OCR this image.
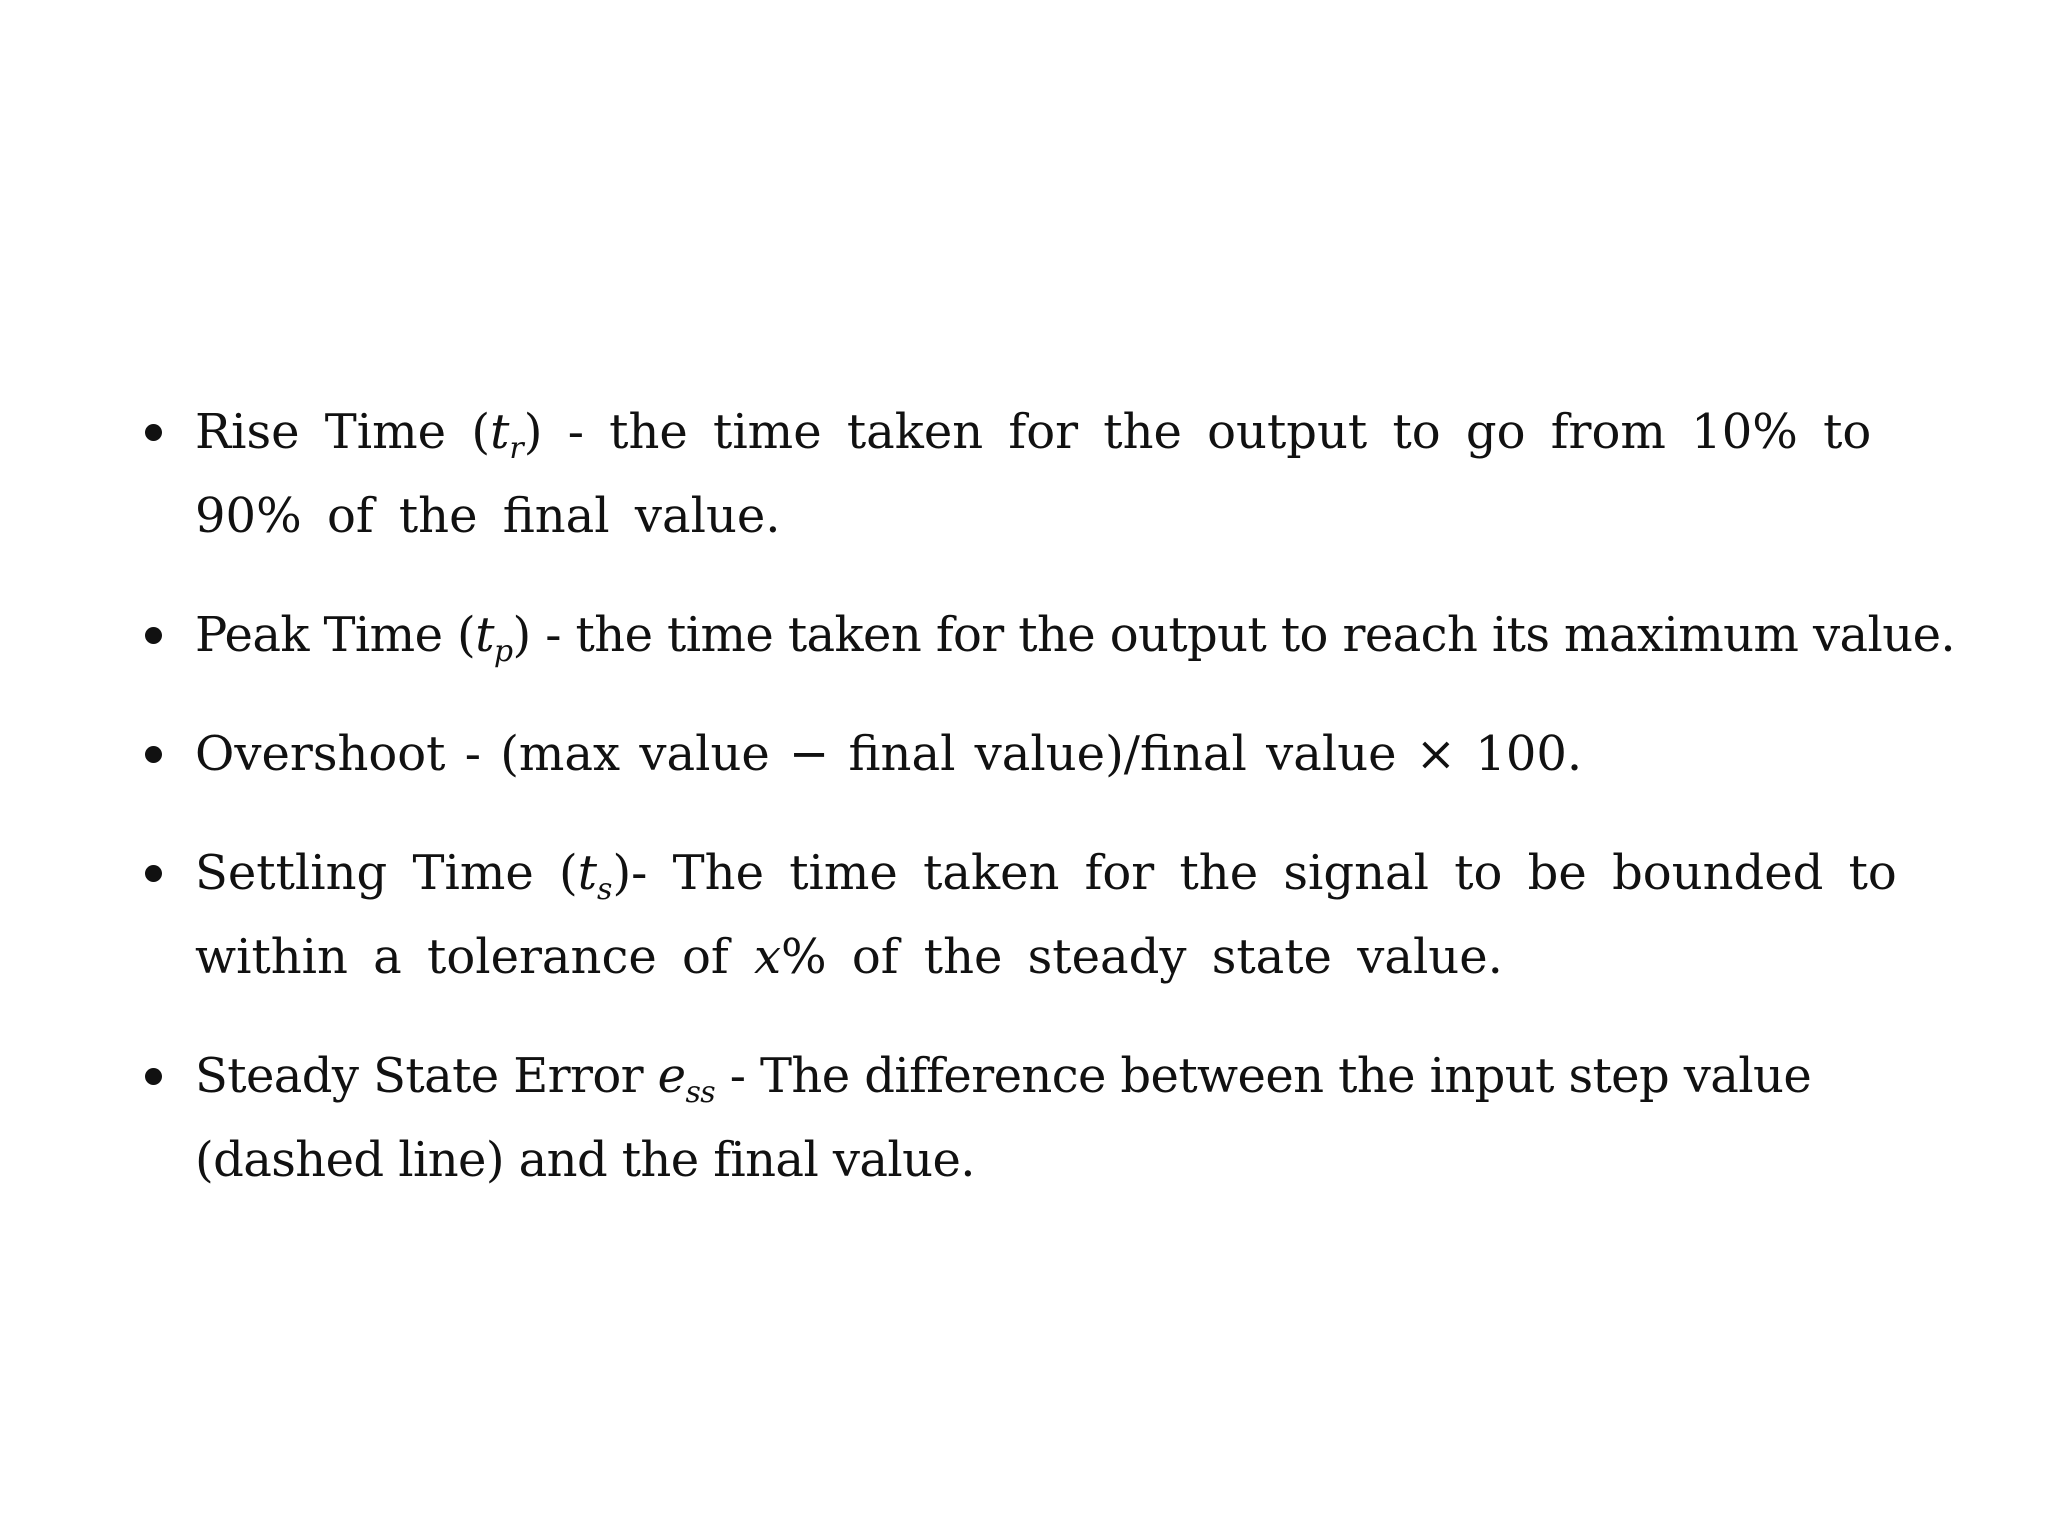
Rise Time $(t_r)$ - the time taken for the output to go from 10% to 90% of the final value.
Peak Time $(t_p)$ - the time taken for the output to reach its maximum value.
Overshoot - (max value − final value)/final value × 100.
Settling Time $(t_s)-$ The time taken for the signal to be bounded to within a tolerance of x% of the steady state value.
Steady State Error $e_{ss}$ - The difference between the input step value (dashed line) and the final value.
